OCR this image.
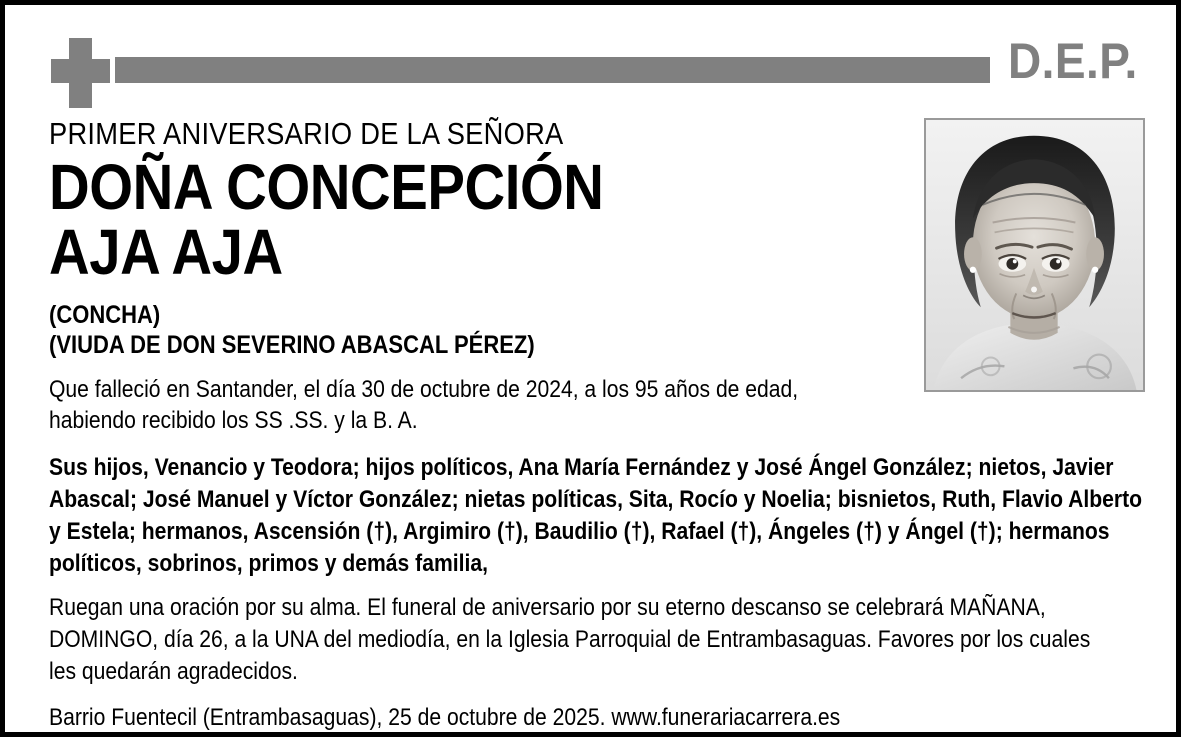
D.E.P.
PRIMER ANIVERSARIO DE LA SEÑORA
DOÑA CONCEPCIÓN
AJA AJA
(CONCHA)
(VIUDA DE DON SEVERINO ABASCAL PÉREZ)

Que falleció en Santander, el día 30 de octubre de 2024, a los 95 años de edad,

habiendo recibido los SS .SS. y la B. A.

Sus hijos, Venancio y Teodora; hijos políticos, Ana María Fernández y José Ángel González; nietos, Javier

Abascal; José Manuel y Víctor González; nietas políticas, Sita, Rocío y Noelia; bisnietos, Ruth, Flavio Alberto

y Estela; hermanos, Ascensión (†), Argimiro (†), Baudilio (†), Rafael (†), Ángeles (†) y Ángel (†); hermanos

políticos, sobrinos, primos y demás familia,

Ruegan una oración por su alma. El funeral de aniversario por su eterno descanso se celebrará MAÑANA,

DOMINGO, día 26, a la UNA del mediodía, en la Iglesia Parroquial de Entrambasaguas. Favores por los cuales

les quedarán agradecidos.

Barrio Fuentecil (Entrambasaguas), 25 de octubre de 2025. www.funerariacarrera.es
